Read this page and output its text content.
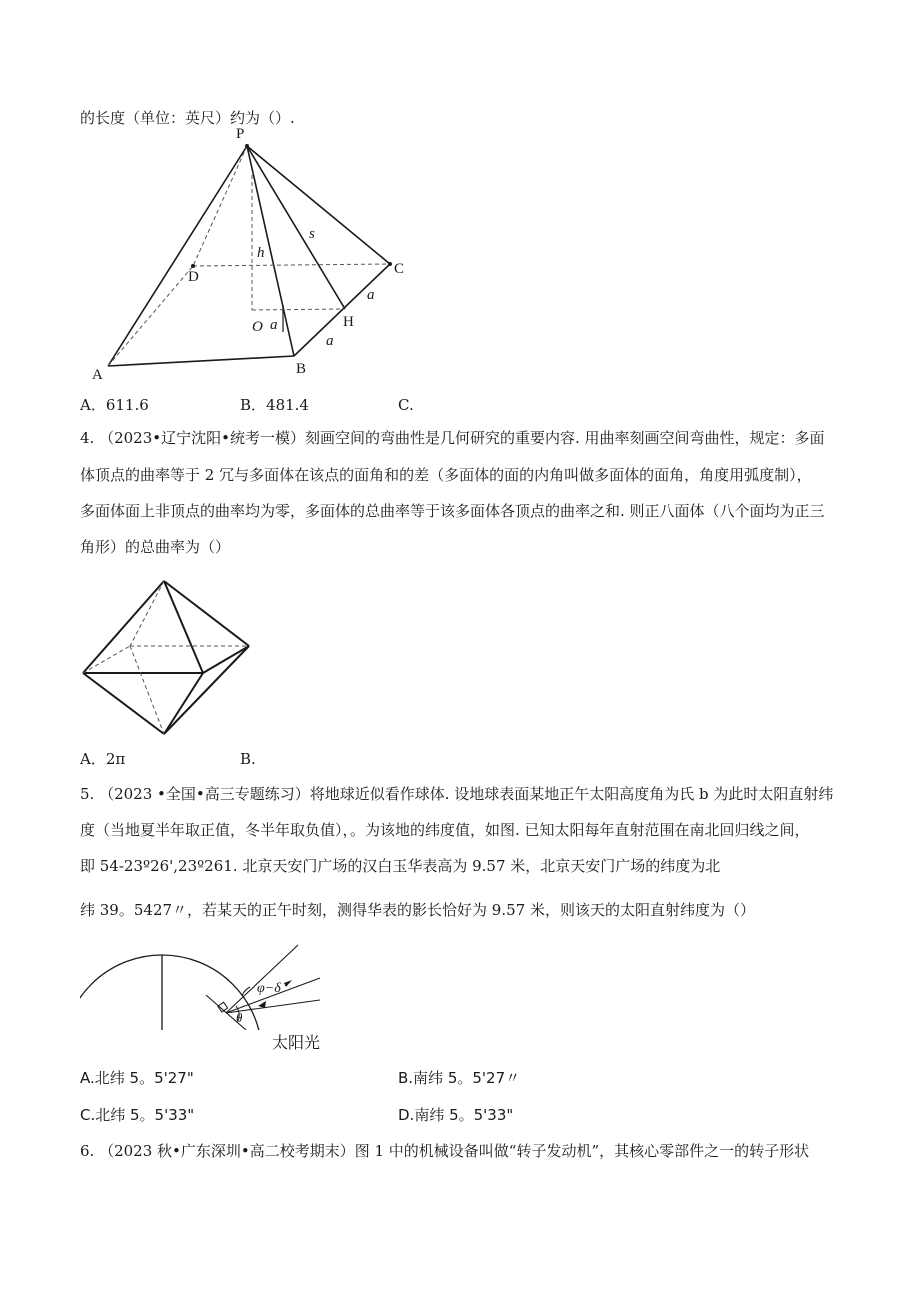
的长度（单位：英尺）约为（）.
P
D	C
h
s
O a	H
a
a
A	B
A．611.6	B．481.4	C.
4. （2023•辽宁沈阳•统考一模）刻画空间的弯曲性是几何研究的重要内容. 用曲率刻画空间弯曲性，规定：多面
体顶点的曲率等于 2 冗与多面体在该点的面角和的差（多面体的面的内角叫做多面体的面角，角度用弧度制），
多面体面上非顶点的曲率均为零，多面体的总曲率等于该多面体各顶点的曲率之和. 则正八面体（八个面均为正三
角形）的总曲率为（）
A．2π	B.
5. （2023 •全国•高三专题练习）将地球近似看作球体. 设地球表面某地正午太阳高度角为氏 b 为此时太阳直射纬
度（当地夏半年取正值，冬半年取负值），。为该地的纬度值，如图. 已知太阳每年直射范围在南北回归线之间，
即 54-23º26',23º261. 北京天安门广场的汉白玉华表高为 9.57 米，北京天安门广场的纬度为北
纬 39。5427〃，若某天的正午时刻，测得华表的影长恰好为 9.57 米，则该天的太阳直射纬度为（）
φ−δ
θ
太阳光
A.北纬 5。5'27"	B.南纬 5。5'27〃
C.北纬 5。5'33"	D.南纬 5。5'33"
6. （2023 秋•广东深圳•高二校考期末）图 1 中的机械设备叫做“转子发动机”，其核心零部件之一的转子形状
